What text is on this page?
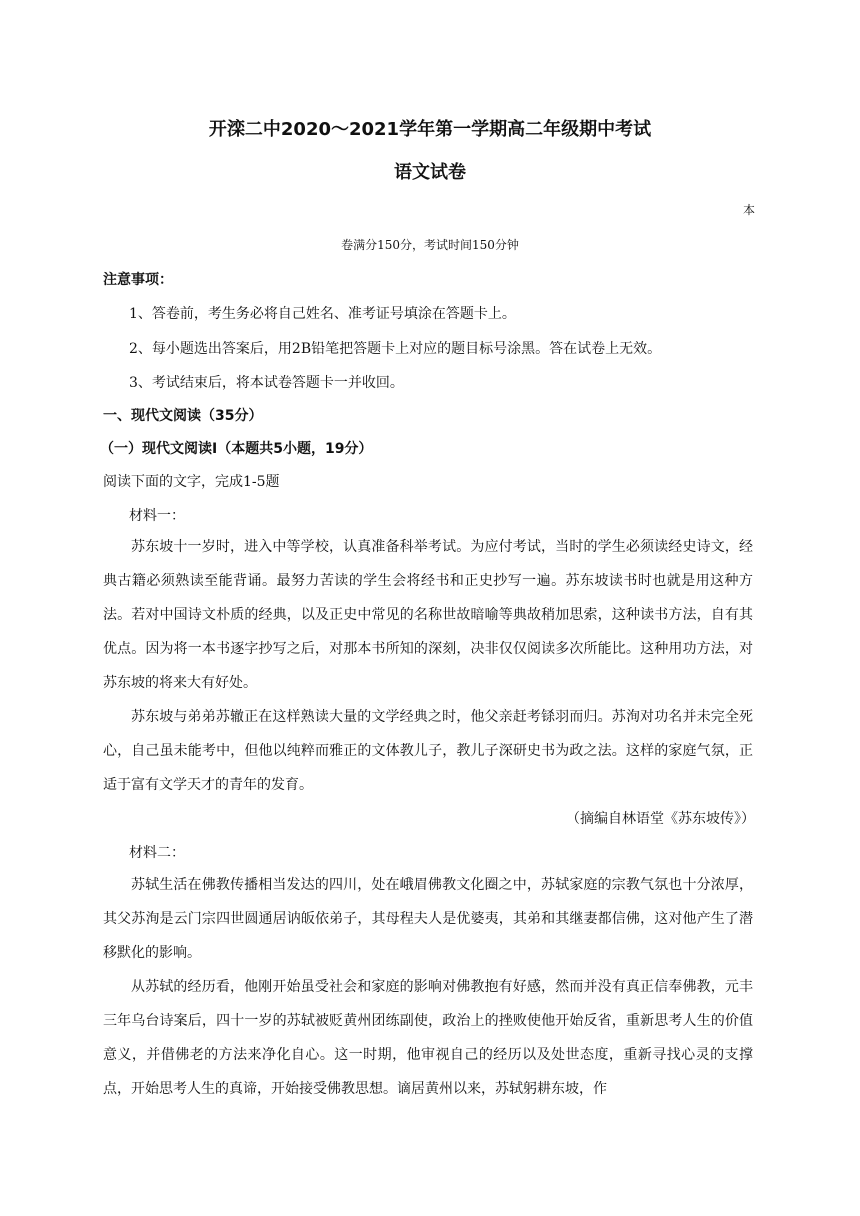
开滦二中2020～2021学年第一学期高二年级期中考试
语文试卷
本
卷满分150分，考试时间150分钟
注意事项：
1、答卷前，考生务必将自己姓名、准考证号填涂在答题卡上。
2、每小题选出答案后，用2B铅笔把答题卡上对应的题目标号涂黑。答在试卷上无效。
3、考试结束后，将本试卷答题卡一并收回。
一、现代文阅读（35分）
（一）现代文阅读Ⅰ（本题共5小题，19分）
阅读下面的文字，完成1-5题
材料一：

苏东坡十一岁时，进入中等学校，认真准备科举考试。为应付考试，当时的学生必须读经史诗文，经典古籍必须熟读至能背诵。最努力苦读的学生会将经书和正史抄写一遍。苏东坡读书时也就是用这种方法。若对中国诗文朴质的经典，以及正史中常见的名称世故暗喻等典故稍加思索，这种读书方法，自有其优点。因为将一本书逐字抄写之后，对那本书所知的深刻，决非仅仅阅读多次所能比。这种用功方法，对苏东坡的将来大有好处。

苏东坡与弟弟苏辙正在这样熟读大量的文学经典之时，他父亲赶考铩羽而归。苏洵对功名并未完全死心，自己虽未能考中，但他以纯粹而雅正的文体教儿子，教儿子深研史书为政之法。这样的家庭气氛，正适于富有文学天才的青年的发育。

（摘编自林语堂《苏东坡传》）
材料二：

苏轼生活在佛教传播相当发达的四川，处在峨眉佛教文化圈之中，苏轼家庭的宗教气氛也十分浓厚，其父苏洵是云门宗四世圆通居讷皈依弟子，其母程夫人是优婆夷，其弟和其继妻都信佛，这对他产生了潜移默化的影响。

从苏轼的经历看，他刚开始虽受社会和家庭的影响对佛教抱有好感，然而并没有真正信奉佛教，元丰三年乌台诗案后，四十一岁的苏轼被贬黄州团练副使，政治上的挫败使他开始反省，重新思考人生的价值意义，并借佛老的方法来净化自心。这一时期，他审视自己的经历以及处世态度，重新寻找心灵的支撑点，开始思考人生的真谛，开始接受佛教思想。谪居黄州以来，苏轼躬耕东坡，作
